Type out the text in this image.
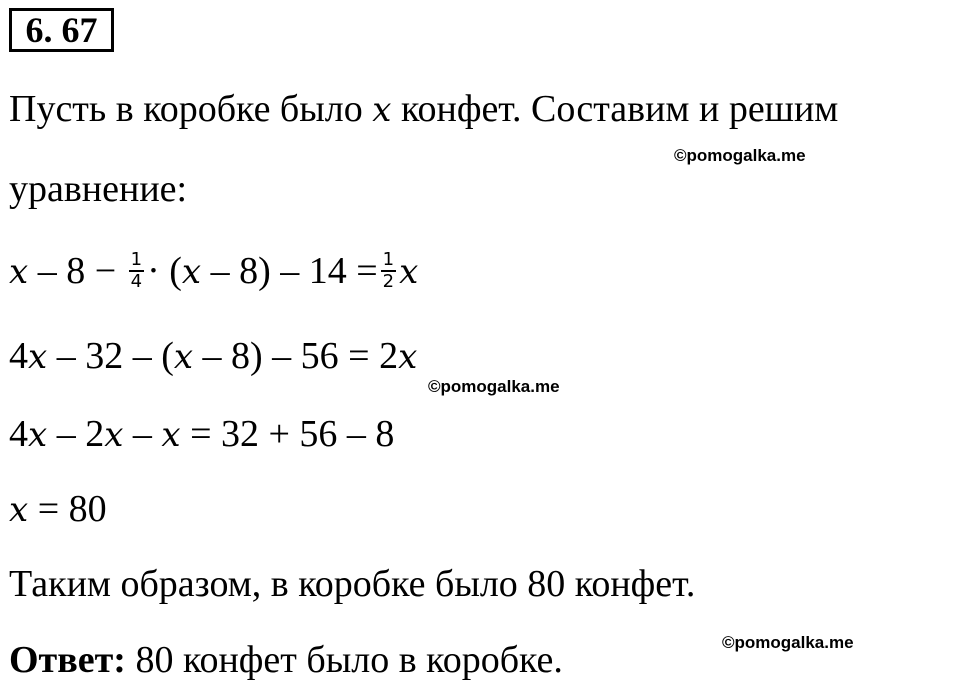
6. 67
Пусть в коробке было x конфет. Составим и решим
©pomogalka.me
уравнение:
$x - 8 - \frac{1}{4} \cdot (x - 8) - 14 = \frac{1}{2}$ x
4x – 32 – (x – 8) – 56 = 2x
©pomogalka.me
4x – 2x – x = 32 + 56 – 8
x = 80
Таким образом, в коробке было 80 конфет.
Ответ: 80 конфет было в коробке.	©pomogalka.me
